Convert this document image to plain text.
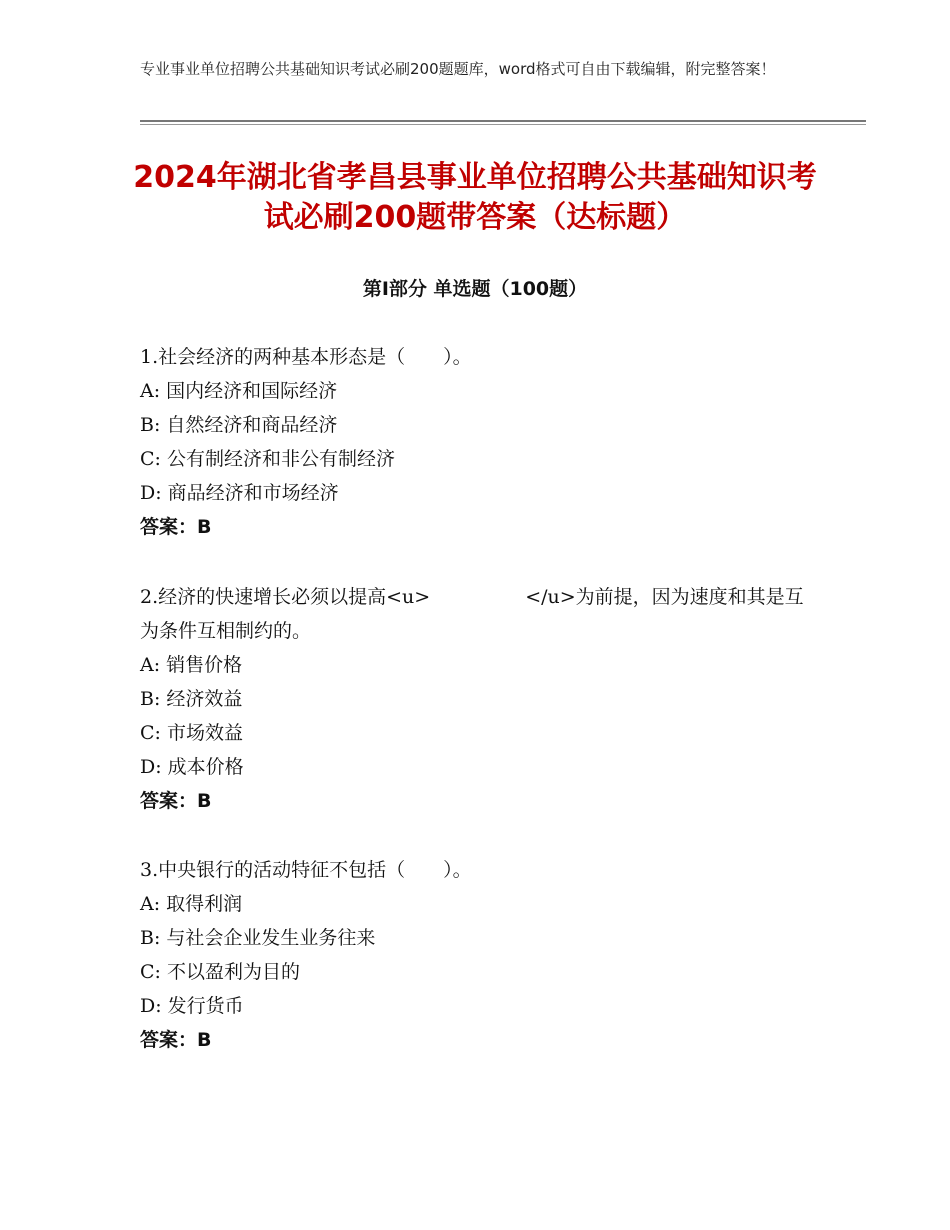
专业事业单位招聘公共基础知识考试必刷200题题库，word格式可自由下载编辑，附完整答案！
2024年湖北省孝昌县事业单位招聘公共基础知识考试必刷200题带答案（达标题）
第I部分 单选题（100题）
1.社会经济的两种基本形态是（　　）。
A: 国内经济和国际经济
B: 自然经济和商品经济
C: 公有制经济和非公有制经济
D: 商品经济和市场经济
答案：B
2.经济的快速增长必须以提高<u>　　　　　</u>为前提，因为速度和其是互为条件互相制约的。
A: 销售价格
B: 经济效益
C: 市场效益
D: 成本价格
答案：B
3.中央银行的活动特征不包括（　　）。
A: 取得利润
B: 与社会企业发生业务往来
C: 不以盈利为目的
D: 发行货币
答案：B
